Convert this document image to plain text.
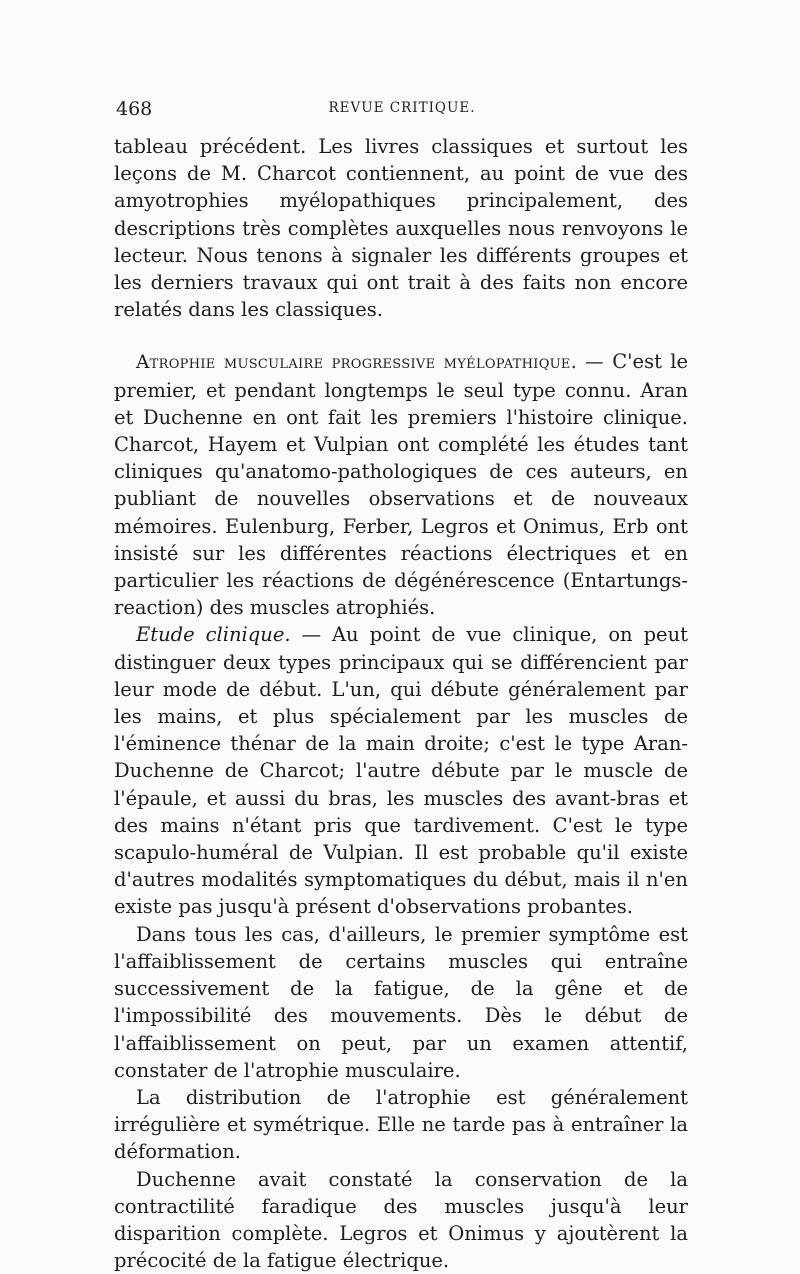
468	REVUE CRITIQUE.

tableau précédent. Les livres classiques et surtout les leçons de M. Charcot contiennent, au point de vue des amyotrophies myélopathiques principalement, des descriptions très complètes auxquelles nous renvoyons le lecteur. Nous tenons à signaler les différents groupes et les derniers travaux qui ont trait à des faits non encore relatés dans les classiques.

Atrophie musculaire progressive myélopathique. — C'est le premier, et pendant longtemps le seul type connu. Aran et Duchenne en ont fait les premiers l'histoire clinique. Charcot, Hayem et Vulpian ont complété les études tant cliniques qu'anatomo-pathologiques de ces auteurs, en publiant de nouvelles observations et de nouveaux mémoires. Eulenburg, Ferber, Legros et Onimus, Erb ont insisté sur les différentes réactions électriques et en particulier les réactions de dégénérescence (Entartungs-reaction) des muscles atrophiés.

Etude clinique. — Au point de vue clinique, on peut distinguer deux types principaux qui se différencient par leur mode de début. L'un, qui débute généralement par les mains, et plus spécialement par les muscles de l'éminence thénar de la main droite; c'est le type Aran-Duchenne de Charcot; l'autre débute par le muscle de l'épaule, et aussi du bras, les muscles des avant-bras et des mains n'étant pris que tardivement. C'est le type scapulo-huméral de Vulpian. Il est probable qu'il existe d'autres modalités symptomatiques du début, mais il n'en existe pas jusqu'à présent d'observations probantes.

Dans tous les cas, d'ailleurs, le premier symptôme est l'affaiblissement de certains muscles qui entraîne successivement de la fatigue, de la gêne et de l'impossibilité des mouvements. Dès le début de l'affaiblissement on peut, par un examen attentif, constater de l'atrophie musculaire.

La distribution de l'atrophie est généralement irrégulière et symétrique. Elle ne tarde pas à entraîner la déformation.

Duchenne avait constaté la conservation de la contractilité faradique des muscles jusqu'à leur disparition complète. Legros et Onimus y ajoutèrent la précocité de la fatigue électrique.
